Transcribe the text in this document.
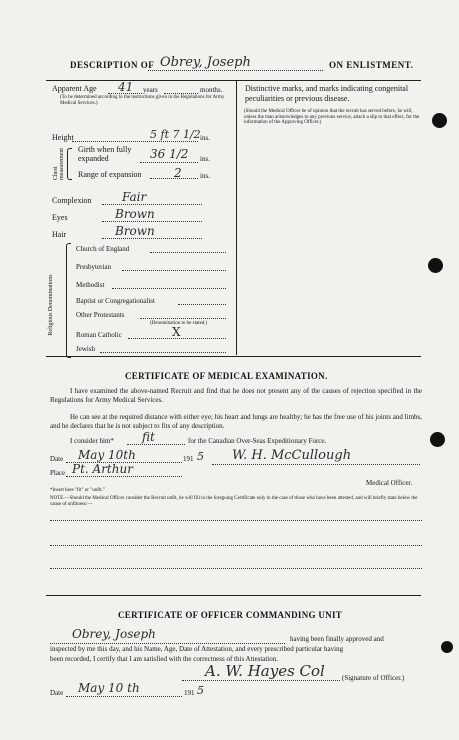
DESCRIPTION OF Obrey, Joseph	ON ENLISTMENT.
Apparent Age 41 years	months.
(To be determined according to the instructions given in the Regulations for Army Medical Services.)
Height	5 ft 7 1/2 ins.
Chest measurement Girth when fully expanded	36 1/2 ins.
Range of expansion	2	ins.
Complexion	Fair
Eyes	Brown
Hair	Brown
Religious Denominations
Church of England
Presbyterian
Methodist
Baptist or Congregationalist
Other Protestants
(Denomination to be stated.)
Roman Catholic	X
Jewish
Distinctive marks, and marks indicating congenital peculiarities or previous disease.
(Should the Medical Officer be of opinion that the recruit has served before, he will, unless the man acknowledges to any previous service, attach a slip to that effect, for the information of the Approving Officer.)
CERTIFICATE OF MEDICAL EXAMINATION.
I have examined the above-named Recruit and find that he does not present any of the causes of rejection specified in the Regulations for Army Medical Services.
He can see at the required distance with either eye; his heart and lungs are healthy; he has the free use of his joints and limbs, and he declares that he is not subject to fits of any description.
I consider him* fit	for the Canadian Over-Seas Expeditionary Force.
Date May 10th	191 5 W. H. McCullough
Place Pt. Arthur
Medical Officer.
*Insert here "fit" or "unfit."
NOTE.—Should the Medical Officer consider the Recruit unfit, he will fill in the foregoing Certificate only in the case of those who have been attested, and will briefly state below the cause of unfitness:—
CERTIFICATE OF OFFICER COMMANDING UNIT
Obrey, Joseph	having been finally approved and
inspected by me this day, and his Name, Age, Date of Attestation, and every prescribed particular having
been recorded, I certify that I am satisfied with the correctness of this Attestation.
A. W. Hayes Col (Signature of Officer.)
Date May 10 th	191 5
